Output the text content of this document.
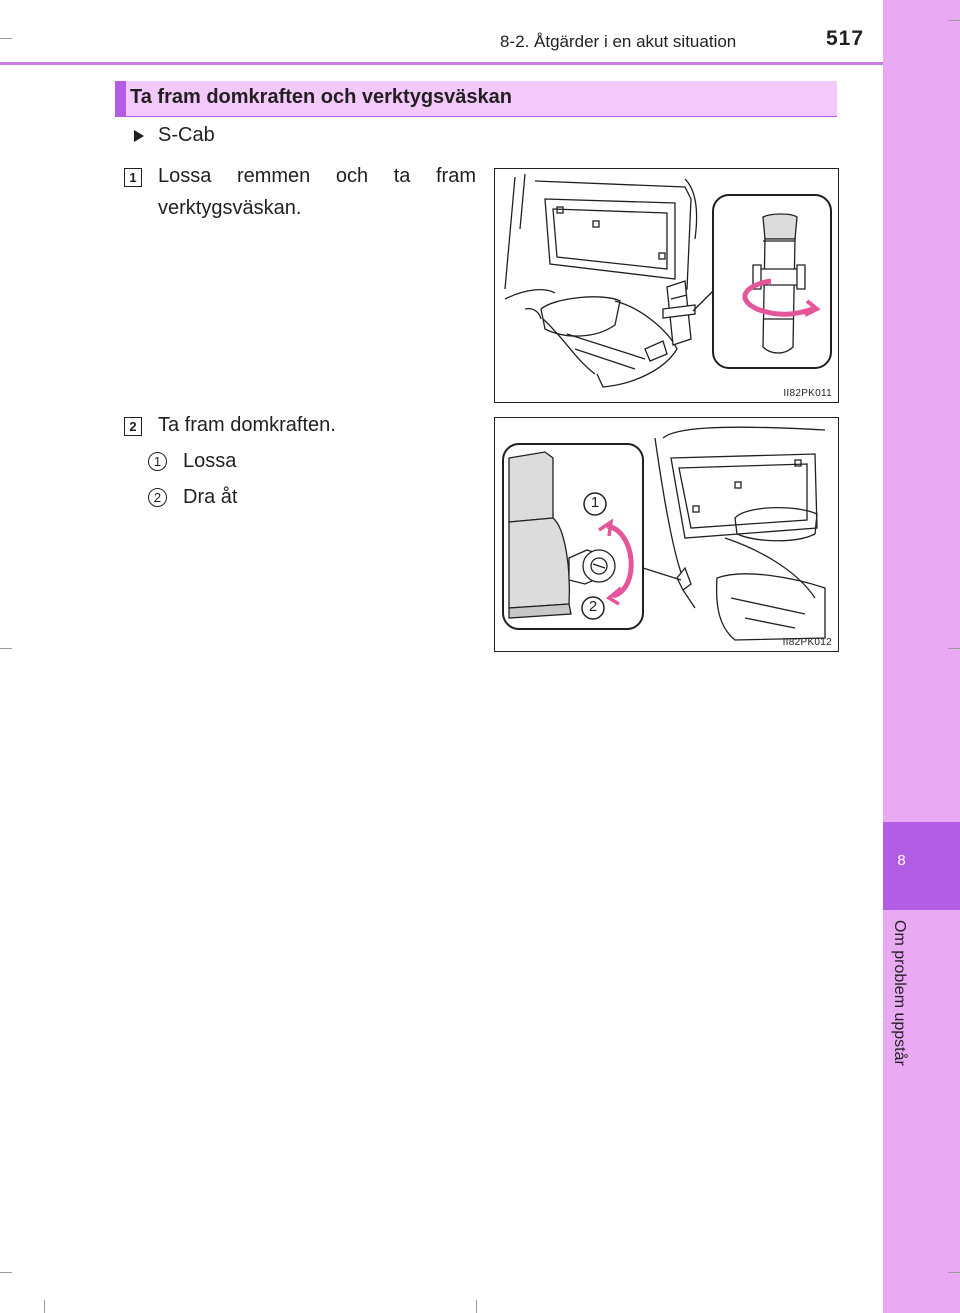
8
Om problem uppstår
8-2. Åtgärder i en akut situation	517
Ta fram domkraften och verktygsväskan
S-Cab
1 Lossa remmen och ta fram
verktygsväskan.
II82PK011
2 Ta fram domkraften.
1 Lossa
2 Dra åt	1
2
II82PK012
